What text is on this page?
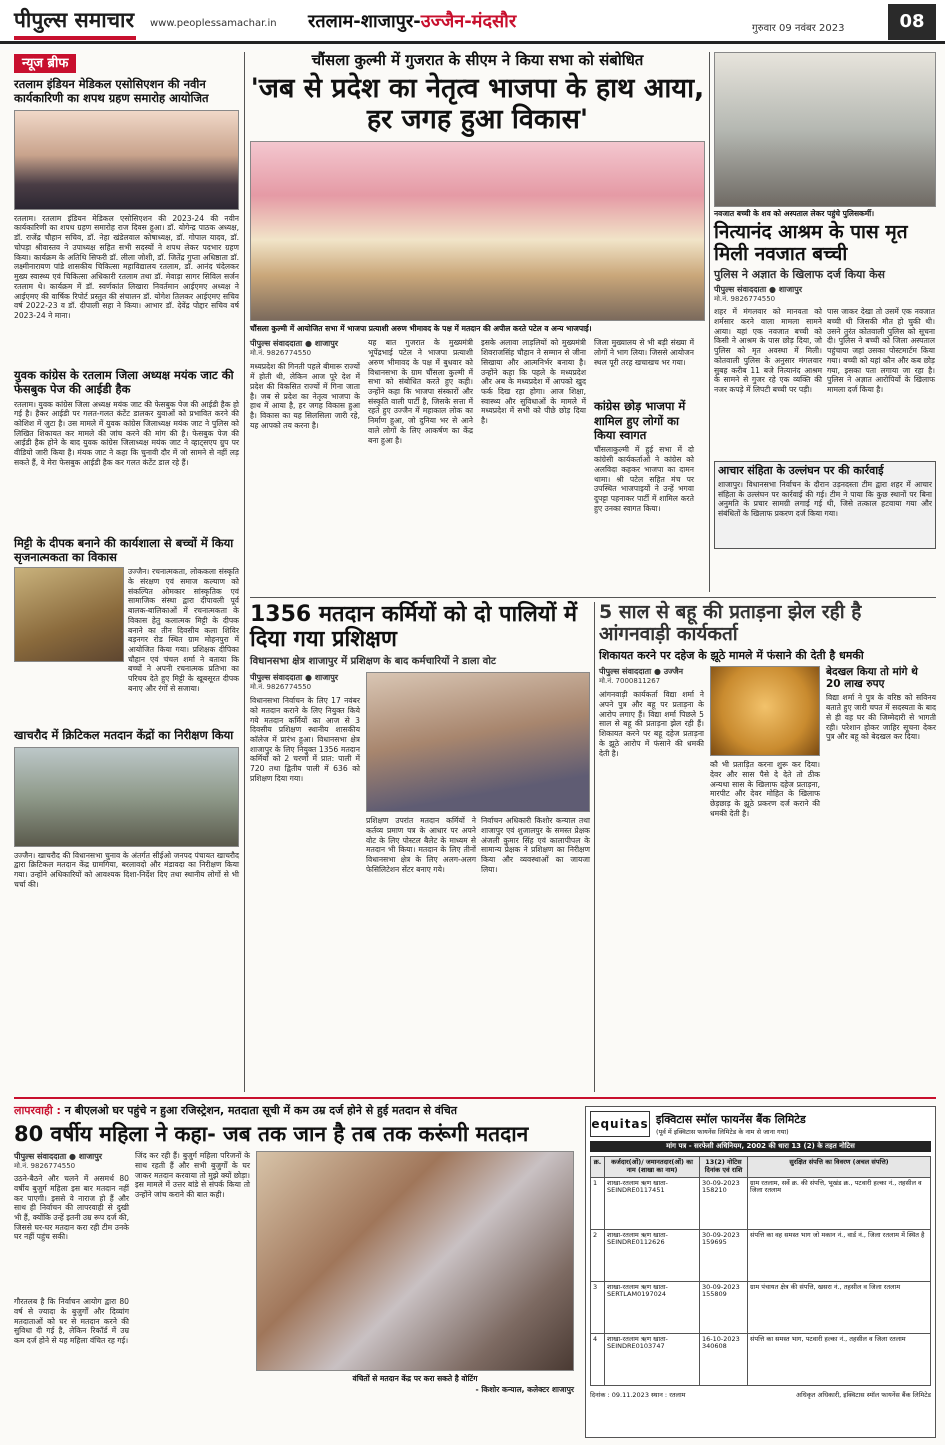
पीपुल्स समाचार www.peoplessamachar.in रतलाम-शाजापुर-उज्जैन-मंदसौर	गुरुवार 09 नवंबर 2023	08
न्यूज ब्रीफ
रतलाम इंडियन मेडिकल एसोसिएशन की नवीन कार्यकारिणी का शपथ ग्रहण समारोह आयोजित
रतलाम। रतलाम इंडियन मेडिकल एसोसिएशन की 2023-24 की नवीन कार्यकारिणी का शपथ ग्रहण समारोह राज दिवस हुआ। डॉ. योगेन्द्र पाठक अध्यक्ष, डॉ. राजेंद्र चौहान सचिव, डॉ. नेहा खंडेलवाल कोषाध्यक्ष, डॉ. गोपाल यादव, डॉ. चोपड़ा श्रीवास्तव ने उपाध्यक्ष सहित सभी सदस्यों ने शपथ लेकर पदभार ग्रहण किया। कार्यक्रम के अतिथि सिफरी डॉ. लीला जोशी, डॉ. जितेंद्र गुप्ता अधिष्ठाता डॉ. लक्ष्मीनारायण पांडे शासकीय चिकित्सा महाविद्यालय रतलाम, डॉ. आनंद चंदेलकर मुख्य स्वास्थ्य एवं चिकित्सा अधिकारी रतलाम तथा डॉ. मेवाड़ा सागर सिविल सर्जन रतलाम थे। कार्यक्रम में डॉ. स्वर्णकांत लिखारा निवर्तमान आईएमए अध्यक्ष ने आईएमए की वार्षिक रिपोर्ट प्रस्तुत की संचालन डॉ. योगेश तिलकर आईएमए सचिव वर्ष 2022-23 व डॉ. दीपाली सहा ने किया। आभार डॉ. देवेंद्र पोद्दार सचिव वर्ष 2023-24 ने माना।
युवक कांग्रेस के रतलाम जिला अध्यक्ष मयंक जाट की फेसबुक पेज की आईडी हैक
रतलाम। युवक कांग्रेस जिला अध्यक्ष मयंक जाट की फेसबुक पेज की आईडी हैक हो गई है। हैकर आईडी पर गलत-गलत कंटेंट डालकर युवाओं को प्रभावित करने की कोशिश में जुटा है। उस मामले में युवक कांग्रेस जिलाध्यक्ष मयंक जाट ने पुलिस को लिखित शिकायत कर मामले की जांच करने की मांग की है। फेसबुक पेज की आईडी हैक होने के बाद युवक कांग्रेस जिलाध्यक्ष मयंक जाट ने व्हाट्सएप ग्रुप पर वीडियो जारी किया है। मंयक जाट ने कहा कि चुनावी दौर में जो सामने से नहीं लड़ सकते हैं, वे मेरा फेसबुक आईडी हैक कर गलत कंटेंट डाल रहे हैं।
मिट्टी के दीपक बनाने की कार्यशाला से बच्चों में किया सृजनात्मकता का विकास
उज्जैन। रचनात्मकता, लोककला संस्कृति के संरक्षण एवं समाज कल्याण को संकल्पित ओमकार सांस्कृतिक एवं सामाजिक संस्था द्वारा दीपावली पूर्व बालक-बालिकाओं में रचनात्मकता के विकास हेतु कलात्मक मिट्टी के दीपक बनाने का तीन दिवसीय कला शिविर बड़नगर रोड स्थित ग्राम मोहनपुरा में आयोजित किया गया। प्रशिक्षक दीपिका चौहान एवं चंचल शर्मा ने बताया कि बच्चों ने अपनी रचनात्मक प्रतिभा का परिचय देते हुए मिट्टी के खूबसूरत दीपक बनाए और रंगों से सजाया।
खाचरौद में क्रिटिकल मतदान केंद्रों का निरीक्षण किया
उज्जैन। खाचरौद की विधानसभा चुनाव के अंतर्गत सीईओ जनपद पंचायत खाचरौद द्वारा क्रिटिकल मतदान केंद्र ग्रामगिया, बरलावदो और मंडावदा का निरीक्षण किया गया। उन्होंने अधिकारियों को आवश्यक दिशा-निर्देश दिए तथा स्थानीय लोगों से भी चर्चा की।
चौंसला कुल्मी में गुजरात के सीएम ने किया सभा को संबोधित
'जब से प्रदेश का नेतृत्व भाजपा के हाथ आया, हर जगह हुआ विकास'
चौंसला कुल्मी में आयोजित सभा में भाजपा प्रत्याशी अरुण भीमावद के पक्ष में मतदान की अपील करते पटेल व अन्य भाजपाई।
पीपुल्स संवाददाता ● शाजापुर
मो.नं. 9826774550
मध्यप्रदेश की गिनती पहले बीमारू राज्यों में होती थी, लेकिन आज पूरे देश में प्रदेश की विकसित राज्यों में गिना जाता है। जब से प्रदेश का नेतृत्व भाजपा के हाथ में आया है, हर जगह विकास हुआ है। विकास का यह सिलसिला जारी रहे, यह आपको तय करना है।
यह बात गुजरात के मुख्यमंत्री भूपेंद्रभाई पटेल ने भाजपा प्रत्याशी अरुण भीमावद के पक्ष में बुधवार को विधानसभा के ग्राम चौंसला कुल्मी में सभा को संबोधित करते हुए कही। उन्होंने कहा कि भाजपा संस्कारों और संस्कृति वाली पार्टी है, जिसके सत्ता में रहते हुए उज्जैन में महाकाल लोक का निर्माण हुआ, जो दुनिया भर से आने वाले लोगों के लिए आकर्षण का केंद्र बना हुआ है।
इसके अलावा लाड़लियों को मुख्यमंत्री शिवराजसिंह चौहान ने सम्मान से जीना सिखाया और आत्मनिर्भर बनाया है। उन्होंने कहा कि पहले के मध्यप्रदेश और अब के मध्यप्रदेश में आपको खुद फर्क दिख रहा होगा। आज शिक्षा, स्वास्थ्य और सुविधाओं के मामले में मध्यप्रदेश में सभी को पीछे छोड़ दिया है।
जिला मुख्यालय से भी बड़ी संख्या में लोगों ने भाग लिया। जिससे आयोजन स्थल पूरी तरह खचाखच भर गया।
कांग्रेस छोड़ भाजपा में शामिल हुए लोगों का किया स्वागत
चौंसलाकुल्मी में हुई सभा में दो कांग्रेसी कार्यकर्ताओं ने कांग्रेस को अलविदा कहकर भाजपा का दामन थामा। श्री पटेल सहित मंच पर उपस्थित भाजपाइयों ने उन्हें भगवा दुपट्टा पहनाकर पार्टी में शामिल करते हुए उनका स्वागत किया।
नवजात बच्ची के शव को अस्पताल लेकर पहुंचे पुलिसकर्मी।
नित्यानंद आश्रम के पास मृत मिली नवजात बच्ची
पुलिस ने अज्ञात के खिलाफ दर्ज किया केस
पीपुल्स संवाददाता ● शाजापुर
मो.नं. 9826774550
शहर में मंगलवार को मानवता को शर्मसार करने वाला मामला सामने आया। यहां एक नवजात बच्ची को किसी ने आश्रम के पास छोड़ दिया, जो पुलिस को मृत अवस्था में मिली। कोतवाली पुलिस के अनुसार मंगलवार सुबह करीब 11 बजे नित्यानंद आश्रम के सामने से गुजर रहे एक व्यक्ति की नजर कपड़े में लिपटी बच्ची पर पड़ी।
पास जाकर देखा तो उसमें एक नवजात बच्ची थी जिसकी मौत हो चुकी थी। उसने तुरंत कोतवाली पुलिस को सूचना दी। पुलिस ने बच्ची को जिला अस्पताल पहुंचाया जहां उसका पोस्टमार्टम किया गया। बच्ची को यहां कौन और कब छोड़ गया, इसका पता लगाया जा रहा है। पुलिस ने अज्ञात आरोपियों के खिलाफ मामला दर्ज किया है।
आचार संहिता के उल्लंघन पर की कार्रवाई
शाजापुर। विधानसभा निर्वाचन के दौरान उड़नदस्ता टीम द्वारा शहर में आचार संहिता के उल्लंघन पर कार्रवाई की गई। टीम ने पाया कि कुछ स्थानों पर बिना अनुमति के प्रचार सामग्री लगाई गई थी, जिसे तत्काल हटवाया गया और संबंधितों के खिलाफ प्रकरण दर्ज किया गया।
1356 मतदान कर्मियों को दो पालियों में दिया गया प्रशिक्षण
विधानसभा क्षेत्र शाजापुर में प्रशिक्षण के बाद कर्मचारियों ने डाला वोट
पीपुल्स संवाददाता ● शाजापुर
मो.नं. 9826774550
विधानसभा निर्वाचन के लिए 17 नवंबर को मतदान कराने के लिए नियुक्त किये गये मतदान कर्मियों का आज से 3 दिवसीय प्रशिक्षण स्थानीय शासकीय कॉलेज में प्रारंभ हुआ। विधानसभा क्षेत्र शाजापुर के लिए नियुक्त 1356 मतदान कर्मियों को 2 चरणों में प्रात: पाली में 720 तथा द्वितीय पाली में 636 को प्रशिक्षण दिया गया।
प्रशिक्षण उपरांत मतदान कर्मियों ने कर्तव्य प्रमाण पत्र के आधार पर अपने वोट के लिए पोस्टल बैलेट के माध्यम से मतदान भी किया। मतदान के लिए तीनों विधानसभा क्षेत्र के लिए अलग-अलग फेसिलिटेशन सेंटर बनाए गये।
निर्वाचन अधिकारी किशोर कन्याल तथा शाजापुर एवं शुजालपुर के समस्त प्रेक्षक अंजली कुमार सिंह एवं कालापीपल के सामान्य प्रेक्षक ने प्रशिक्षण का निरीक्षण किया और व्यवस्थाओं का जायजा लिया।
5 साल से बहू की प्रताड़ना झेल रही है आंगनवाड़ी कार्यकर्ता
शिकायत करने पर दहेज के झूठे मामले में फंसाने की देती है धमकी
पीपुल्स संवाददाता ● उज्जैन
मो.नं. 7000811267
आंगनवाड़ी कार्यकर्ता विद्या शर्मा ने अपने पुत्र और बहू पर प्रताड़ना के आरोप लगाए हैं। विद्या शर्मा पिछले 5 साल से बहू की प्रताड़ना झेल रही हैं। शिकायत करने पर बहू दहेज प्रताड़ना के झूठे आरोप में फंसाने की धमकी देती है।
कौ भी प्रताड़ित करना शुरू कर दिया। देवर और सास पैसे दे देते तो ठीक अन्यथा सास के खिलाफ दहेज प्रताड़ना, मारपीट और देवर मोहित के खिलाफ छेड़छाड़ के झूठे प्रकरण दर्ज कराने की धमकी देती है।
बेदखल किया तो मांगे थे 20 लाख रुपए
विद्या शर्मा ने पुत्र के वरिष्ठ को सविनय बताते हुए जारी चपत में सदस्यता के बाद से ही वह घर की जिम्मेदारी से भागती रही। परेशान होकर जाहिर सूचना देकर पुत्र और बहू को बेदखल कर दिया।
लापरवाही : न बीएलओ घर पहुंचे न हुआ रजिस्ट्रेशन, मतदाता सूची में कम उम्र दर्ज होने से हुई मतदान से वंचित
80 वर्षीय महिला ने कहा- जब तक जान है तब तक करूंगी मतदान
पीपुल्स संवाददाता ● शाजापुर
मो.नं. 9826774550
उठने-बैठने और चलने में असमर्थ 80 वर्षीय बुजुर्ग महिला इस बार मतदान नहीं कर पाएगी। इससे वे नाराज हो हैं और साथ ही निर्वाचन की लापरवाही से दुखी भी हैं, क्योंकि उन्हें इतनी उम्र रूप दर्ज की, जिससे घर-घर मतदान करा रही टीम उनके घर नहीं पहुंच सकी।
गौरतलब है कि निर्वाचन आयोग द्वारा 80 वर्ष से ज्यादा के बुजुर्गों और दिव्यांग मतदाताओं को घर से मतदान करने की सुविधा दी गई है, लेकिन रिकॉर्ड में उम्र कम दर्ज होने से यह महिला वंचित रह गई।
जिंद कर रही हैं। बुजुर्ग महिला परिजनों के साथ रहती हैं और सभी बुजुर्गों के घर जाकर मतदान करवाया तो मुझे क्यों छोड़ा। इस मामले में उत्तर बांडे से संपर्क किया तो उन्होंने जांच कराने की बात कही।
वंचितों से मतदान केंद्र पर करा सकते है वोटिंग
- किशोर कन्याल, कलेक्टर शाजापुर
equitas इक्विटास स्मॉल फायनेंस बैंक लिमिटेड
(पूर्व में इक्विटास फायनेंस लिमिटेड के नाम से जाना गया)
मांग पत्र - सरफेसी अधिनियम, 2002 की धारा 13 (2) के तहत नोटिस
क्र.	कर्जदार(ओं)/ जमानतदार(ओं) का नाम (शाखा का नाम)	13(2) नोटिस दिनांक एवं राशि	सुरक्षित संपत्ति का विवरण (अचल संपत्ति)
1	शाखा-रतलाम ऋण खाता- SEINDRE0117451	30-09-2023 158210	ग्राम रतलाम, सर्वे क्र. की संपत्ति, भूखंड क्र., पटवारी हल्का नं., तहसील व जिला रतलाम
2	शाखा-रतलाम ऋण खाता- SEINDRE0112626	30-09-2023 159695	संपत्ति का वह समस्त भाग जो मकान नं., वार्ड नं., जिला रतलाम में स्थित है
3	शाखा-रतलाम ऋण खाता- SERTLAM0197024	30-09-2023 155809	ग्राम पंचायत क्षेत्र की संपत्ति, खसरा नं., तहसील व जिला रतलाम
4	शाखा-रतलाम ऋण खाता- SEINDRE0103747	16-10-2023 340608	संपत्ति का समस्त भाग, पटवारी हल्का नं., तहसील व जिला रतलाम
दिनांक : 09.11.2023 स्थान : रतलाम	अधिकृत अधिकारी, इक्विटास स्मॉल फायनेंस बैंक लिमिटेड
